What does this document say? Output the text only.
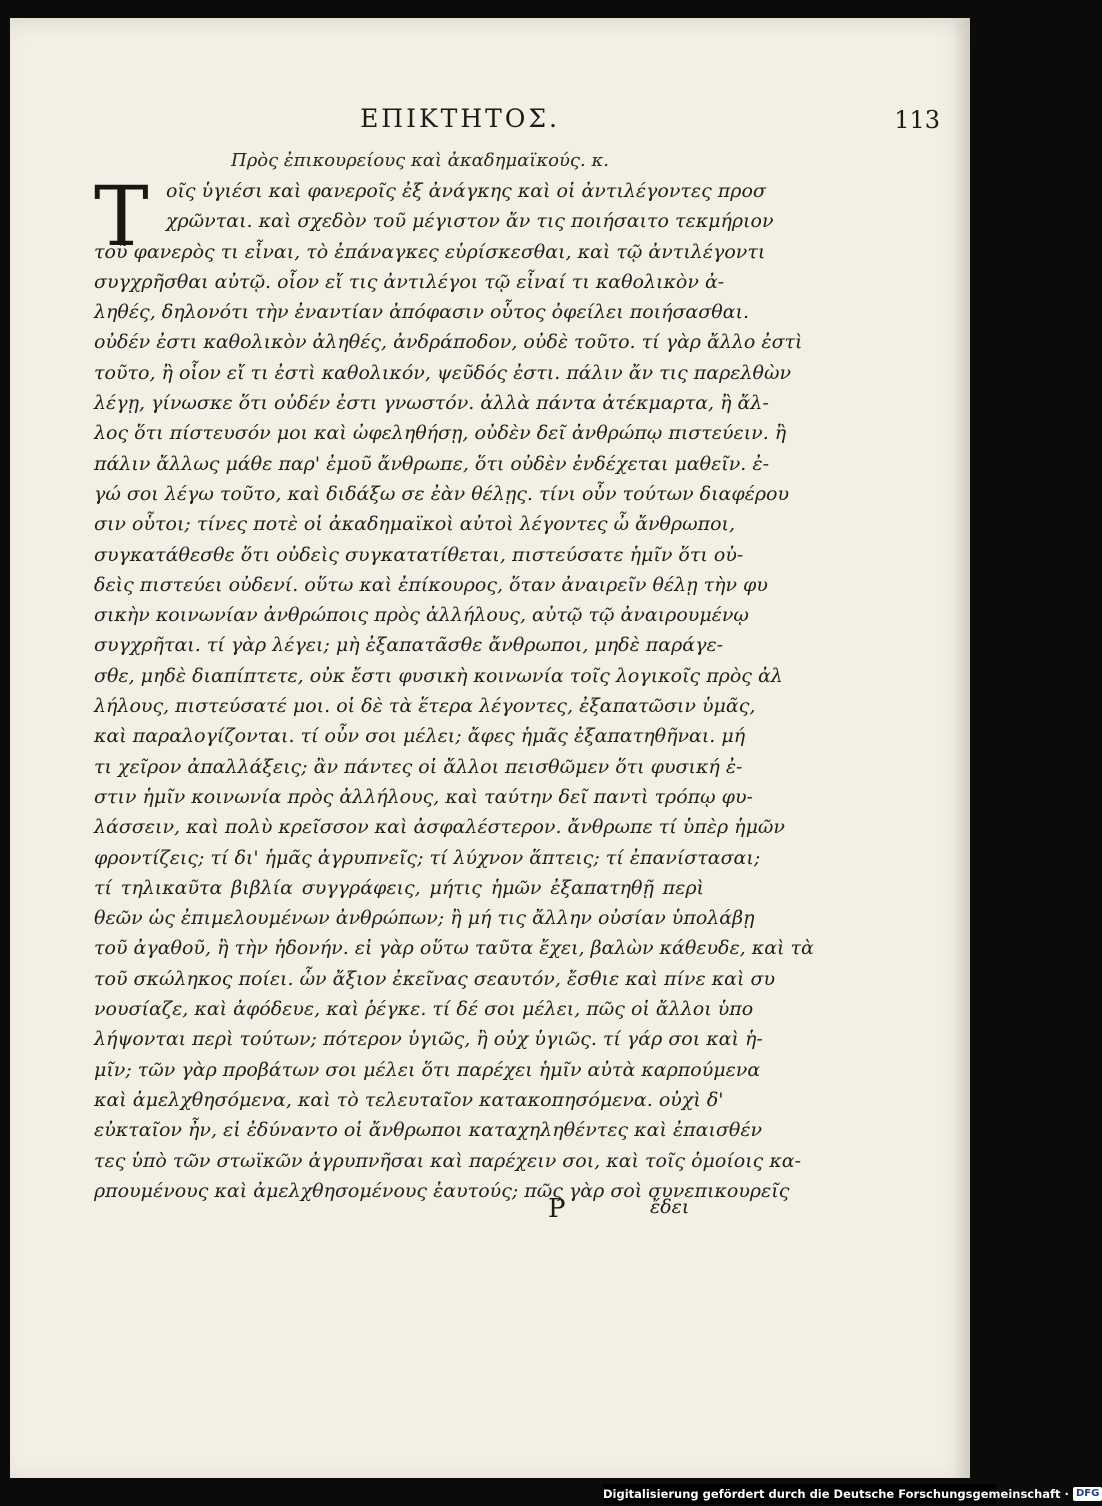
ΕΠΙΚΤΗΤΟΣ.	113
Πρὸς ἐπικουρείους καὶ ἀκαδημαϊκούς. κ.
Τ οῖς ὑγιέσι καὶ φανεροῖς ἐξ ἀνάγκης καὶ οἱ ἀντιλέγοντες προσ
χρῶνται. καὶ σχεδὸν τοῦ μέγιστον ἄν τις ποιήσαιτο τεκμήριον
τοῦ φανερὸς τι εἶναι, τὸ ἐπάναγκες εὑρίσκεσθαι, καὶ τῷ ἀντιλέγοντι
συγχρῆσθαι αὐτῷ. οἷον εἴ τις ἀντιλέγοι τῷ εἶναί τι καθολικὸν ἀ-
ληθές, δηλονότι τὴν ἐναντίαν ἀπόφασιν οὗτος ὀφείλει ποιήσασθαι.
οὐδέν ἐστι καθολικὸν ἀληθές, ἀνδράποδον, οὐδὲ τοῦτο. τί γὰρ ἄλλο ἐστὶ
τοῦτο, ἢ οἷον εἴ τι ἐστὶ καθολικόν, ψεῦδός ἐστι. πάλιν ἄν τις παρελθὼν
λέγῃ, γίνωσκε ὅτι οὐδέν ἐστι γνωστόν. ἀλλὰ πάντα ἀτέκμαρτα, ἢ ἄλ-
λος ὅτι πίστευσόν μοι καὶ ὠφεληθήσῃ, οὐδὲν δεῖ ἀνθρώπῳ πιστεύειν. ἢ
πάλιν ἄλλως μάθε παρ' ἐμοῦ ἄνθρωπε, ὅτι οὐδὲν ἐνδέχεται μαθεῖν. ἐ-
γώ σοι λέγω τοῦτο, καὶ διδάξω σε ἐὰν θέλῃς. τίνι οὖν τούτων διαφέρου
σιν οὗτοι; τίνες ποτὲ οἱ ἀκαδημαϊκοὶ αὐτοὶ λέγοντες ὦ ἄνθρωποι,
συγκατάθεσθε ὅτι οὐδεὶς συγκατατίθεται, πιστεύσατε ἡμῖν ὅτι οὐ-
δεὶς πιστεύει οὐδενί. οὕτω καὶ ἐπίκουρος, ὅταν ἀναιρεῖν θέλῃ τὴν φυ
σικὴν κοινωνίαν ἀνθρώποις πρὸς ἀλλήλους, αὐτῷ τῷ ἀναιρουμένῳ
συγχρῆται. τί γὰρ λέγει; μὴ ἐξαπατᾶσθε ἄνθρωποι, μηδὲ παράγε-
σθε, μηδὲ διαπίπτετε, οὐκ ἔστι φυσικὴ κοινωνία τοῖς λογικοῖς πρὸς ἀλ
λήλους, πιστεύσατέ μοι. οἱ δὲ τὰ ἕτερα λέγοντες, ἐξαπατῶσιν ὑμᾶς,
καὶ παραλογίζονται. τί οὖν σοι μέλει; ἄφες ἡμᾶς ἐξαπατηθῆναι. μή
τι χεῖρον ἀπαλλάξεις; ἂν πάντες οἱ ἄλλοι πεισθῶμεν ὅτι φυσική ἐ-
στιν ἡμῖν κοινωνία πρὸς ἀλλήλους, καὶ ταύτην δεῖ παντὶ τρόπῳ φυ-
λάσσειν, καὶ πολὺ κρεῖσσον καὶ ἀσφαλέστερον. ἄνθρωπε τί ὑπὲρ ἡμῶν
φροντίζεις; τί δι' ἡμᾶς ἀγρυπνεῖς; τί λύχνον ἅπτεις; τί ἐπανίστασαι;
τί τηλικαῦτα βιβλία συγγράφεις, μήτις ἡμῶν ἐξαπατηθῇ περὶ
θεῶν ὡς ἐπιμελουμένων ἀνθρώπων; ἢ μή τις ἄλλην οὐσίαν ὑπολάβῃ
τοῦ ἀγαθοῦ, ἢ τὴν ἡδονήν. εἰ γὰρ οὕτω ταῦτα ἔχει, βαλὼν κάθευδε, καὶ τὰ
τοῦ σκώληκος ποίει. ὧν ἄξιον ἐκεῖνας σεαυτόν, ἔσθιε καὶ πίνε καὶ συ
νουσίαζε, καὶ ἀφόδευε, καὶ ῥέγκε. τί δέ σοι μέλει, πῶς οἱ ἄλλοι ὑπο
λήψονται περὶ τούτων; πότερον ὑγιῶς, ἢ οὐχ ὑγιῶς. τί γάρ σοι καὶ ἡ-
μῖν; τῶν γὰρ προβάτων σοι μέλει ὅτι παρέχει ἡμῖν αὐτὰ καρπούμενα
καὶ ἀμελχθησόμενα, καὶ τὸ τελευταῖον κατακοπησόμενα. οὐχὶ δ'
εὐκταῖον ἦν, εἰ ἐδύναντο οἱ ἄνθρωποι καταχηληθέντες καὶ ἐπαισθέν
τες ὑπὸ τῶν στωϊκῶν ἀγρυπνῆσαι καὶ παρέχειν σοι, καὶ τοῖς ὁμοίοις κα-
ρπουμένους καὶ ἀμελχθησομένους ἑαυτούς; πῶς γὰρ σοὶ συνεπικουρεῖς
P	ἔδει
Digitalisierung gefördert durch die Deutsche Forschungsgemeinschaft · DFG
